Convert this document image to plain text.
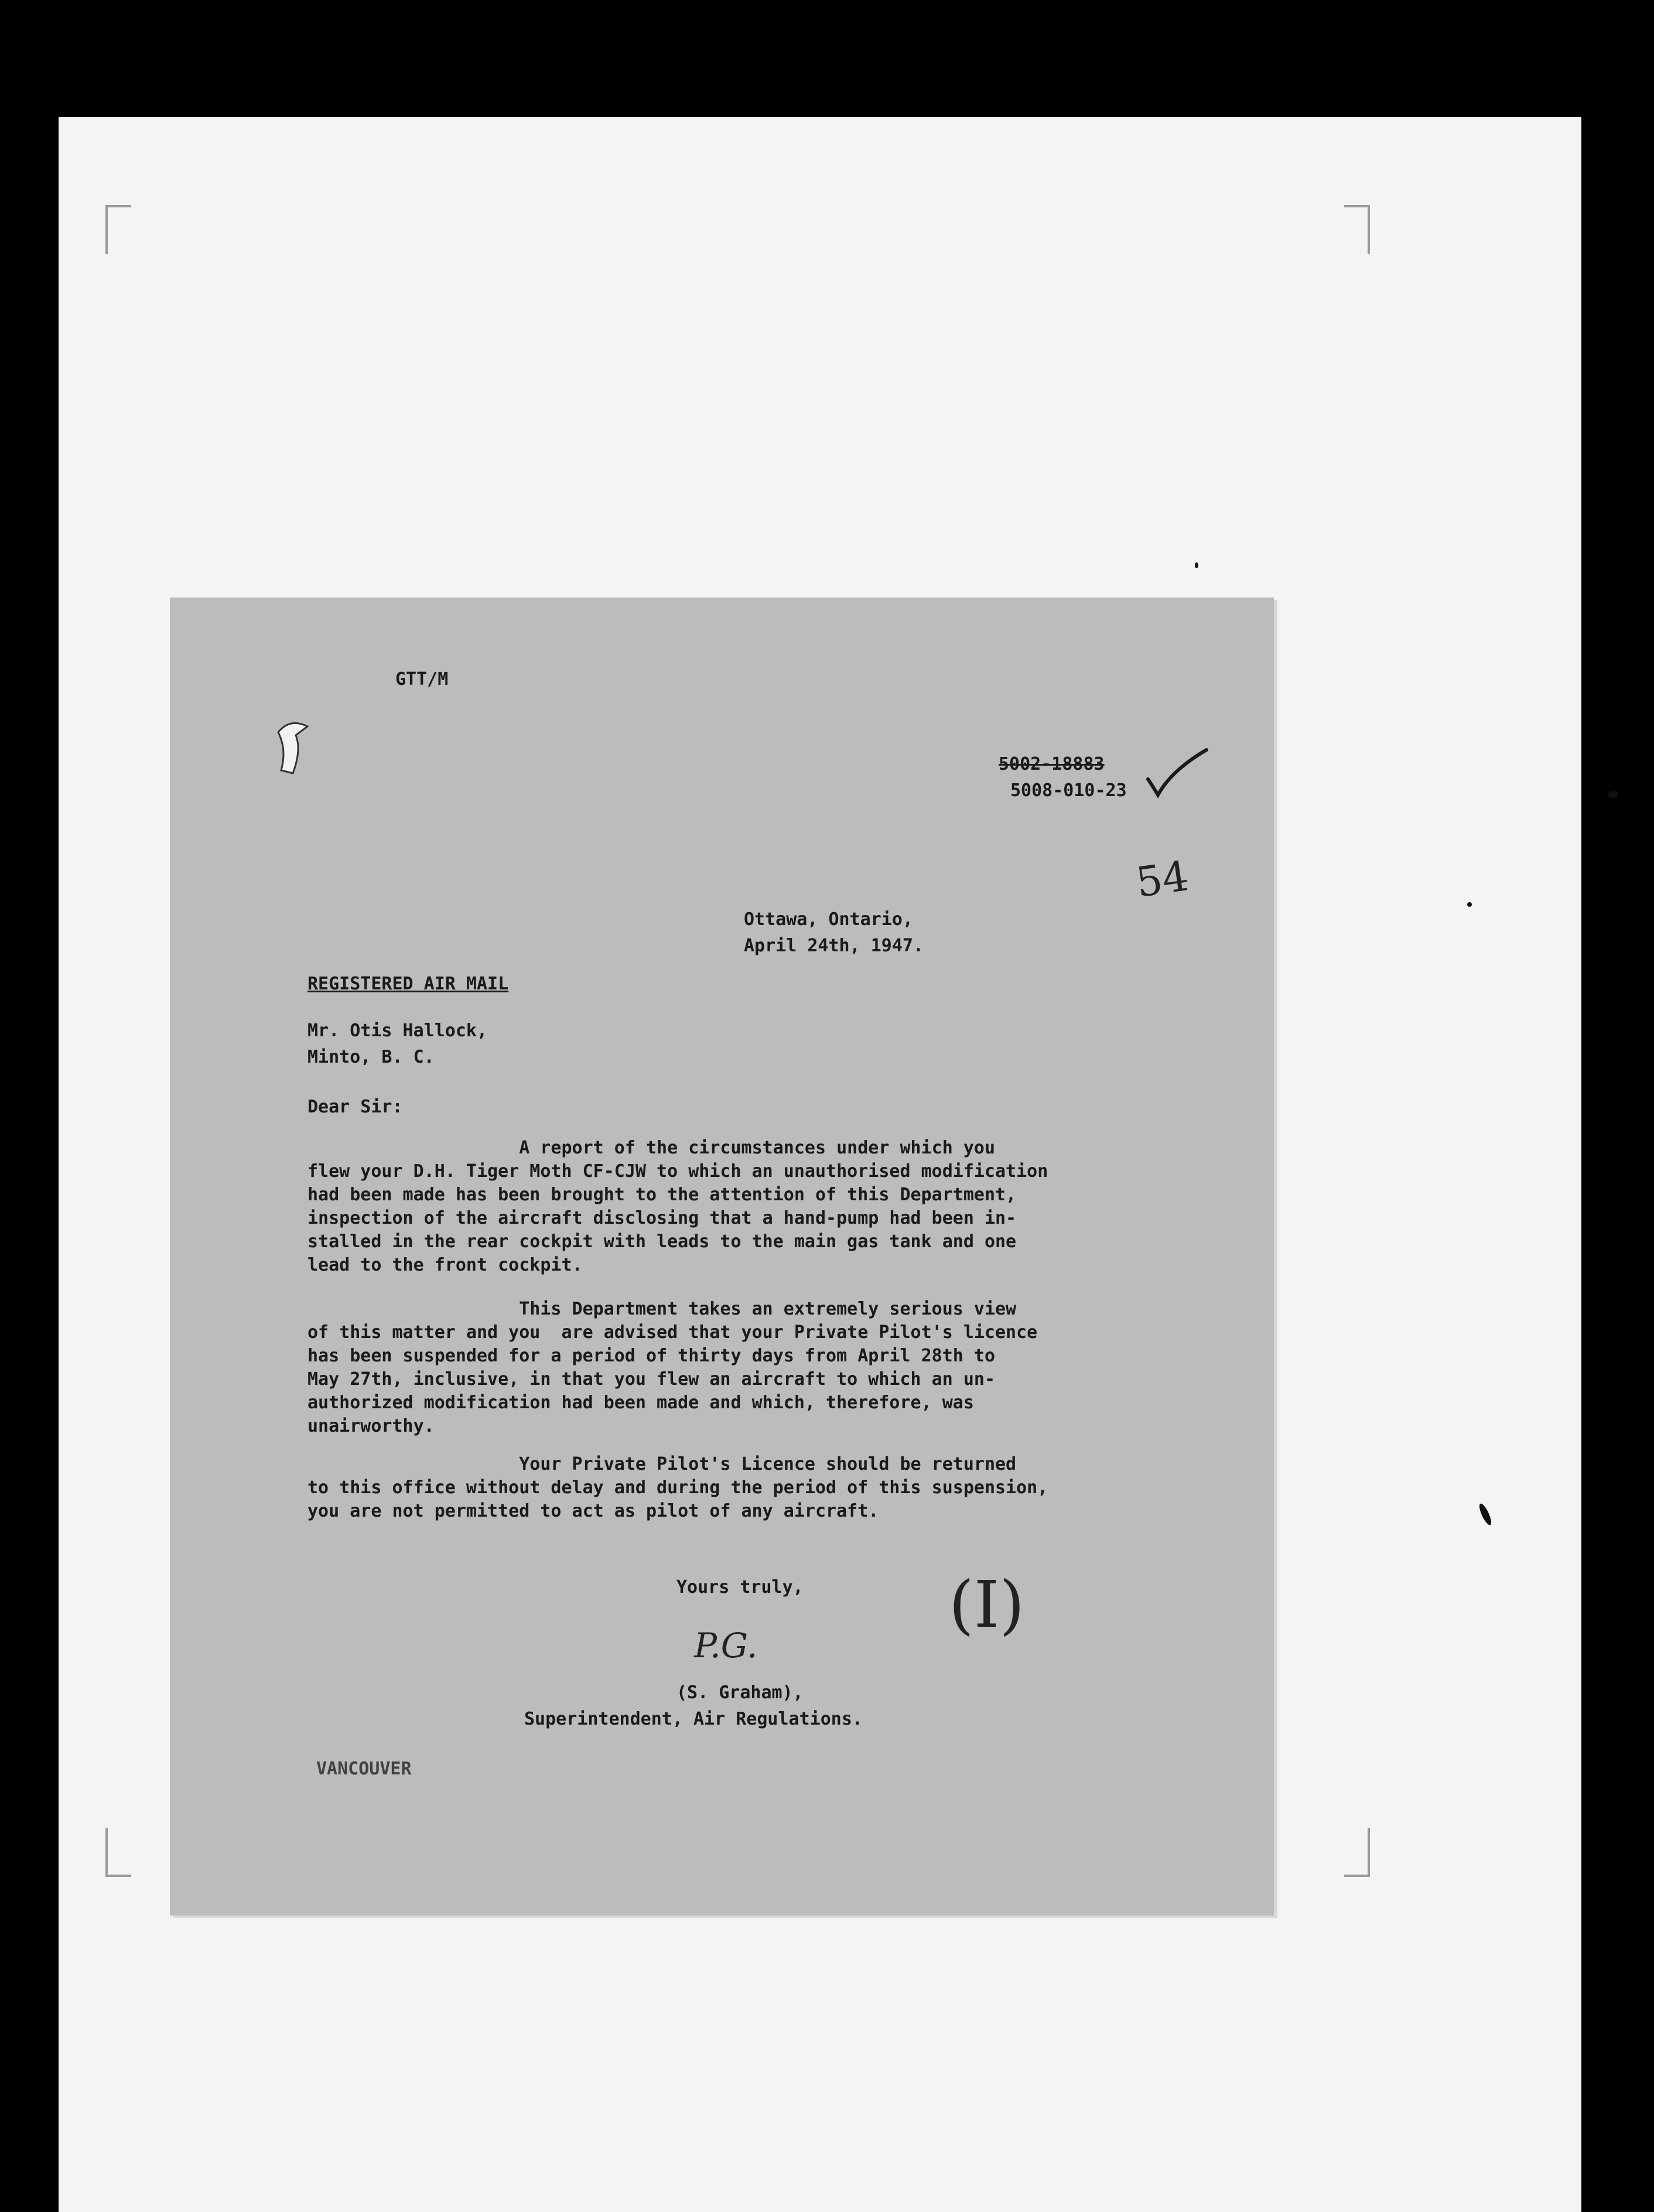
GTT/M

5002-18883

5008-010-23

54

Ottawa, Ontario,

April 24th, 1947.

REGISTERED AIR MAIL

Mr. Otis Hallock,

Minto, B. C.

Dear Sir:

A report of the circumstances under which you
flew your D.H. Tiger Moth CF-CJW to which an unauthorised modification
had been made has been brought to the attention of this Department,
inspection of the aircraft disclosing that a hand-pump had been in-
stalled in the rear cockpit with leads to the main gas tank and one
lead to the front cockpit.

This Department takes an extremely serious view
of this matter and you  are advised that your Private Pilot's licence
has been suspended for a period of thirty days from April 28th to
May 27th, inclusive, in that you flew an aircraft to which an un-
authorized modification had been made and which, therefore, was
unairworthy.

Your Private Pilot's Licence should be returned
to this office without delay and during the period of this suspension,
you are not permitted to act as pilot of any aircraft.

Yours truly, (I)
P.G.

(S. Graham),

Superintendent, Air Regulations.

VANCOUVER
